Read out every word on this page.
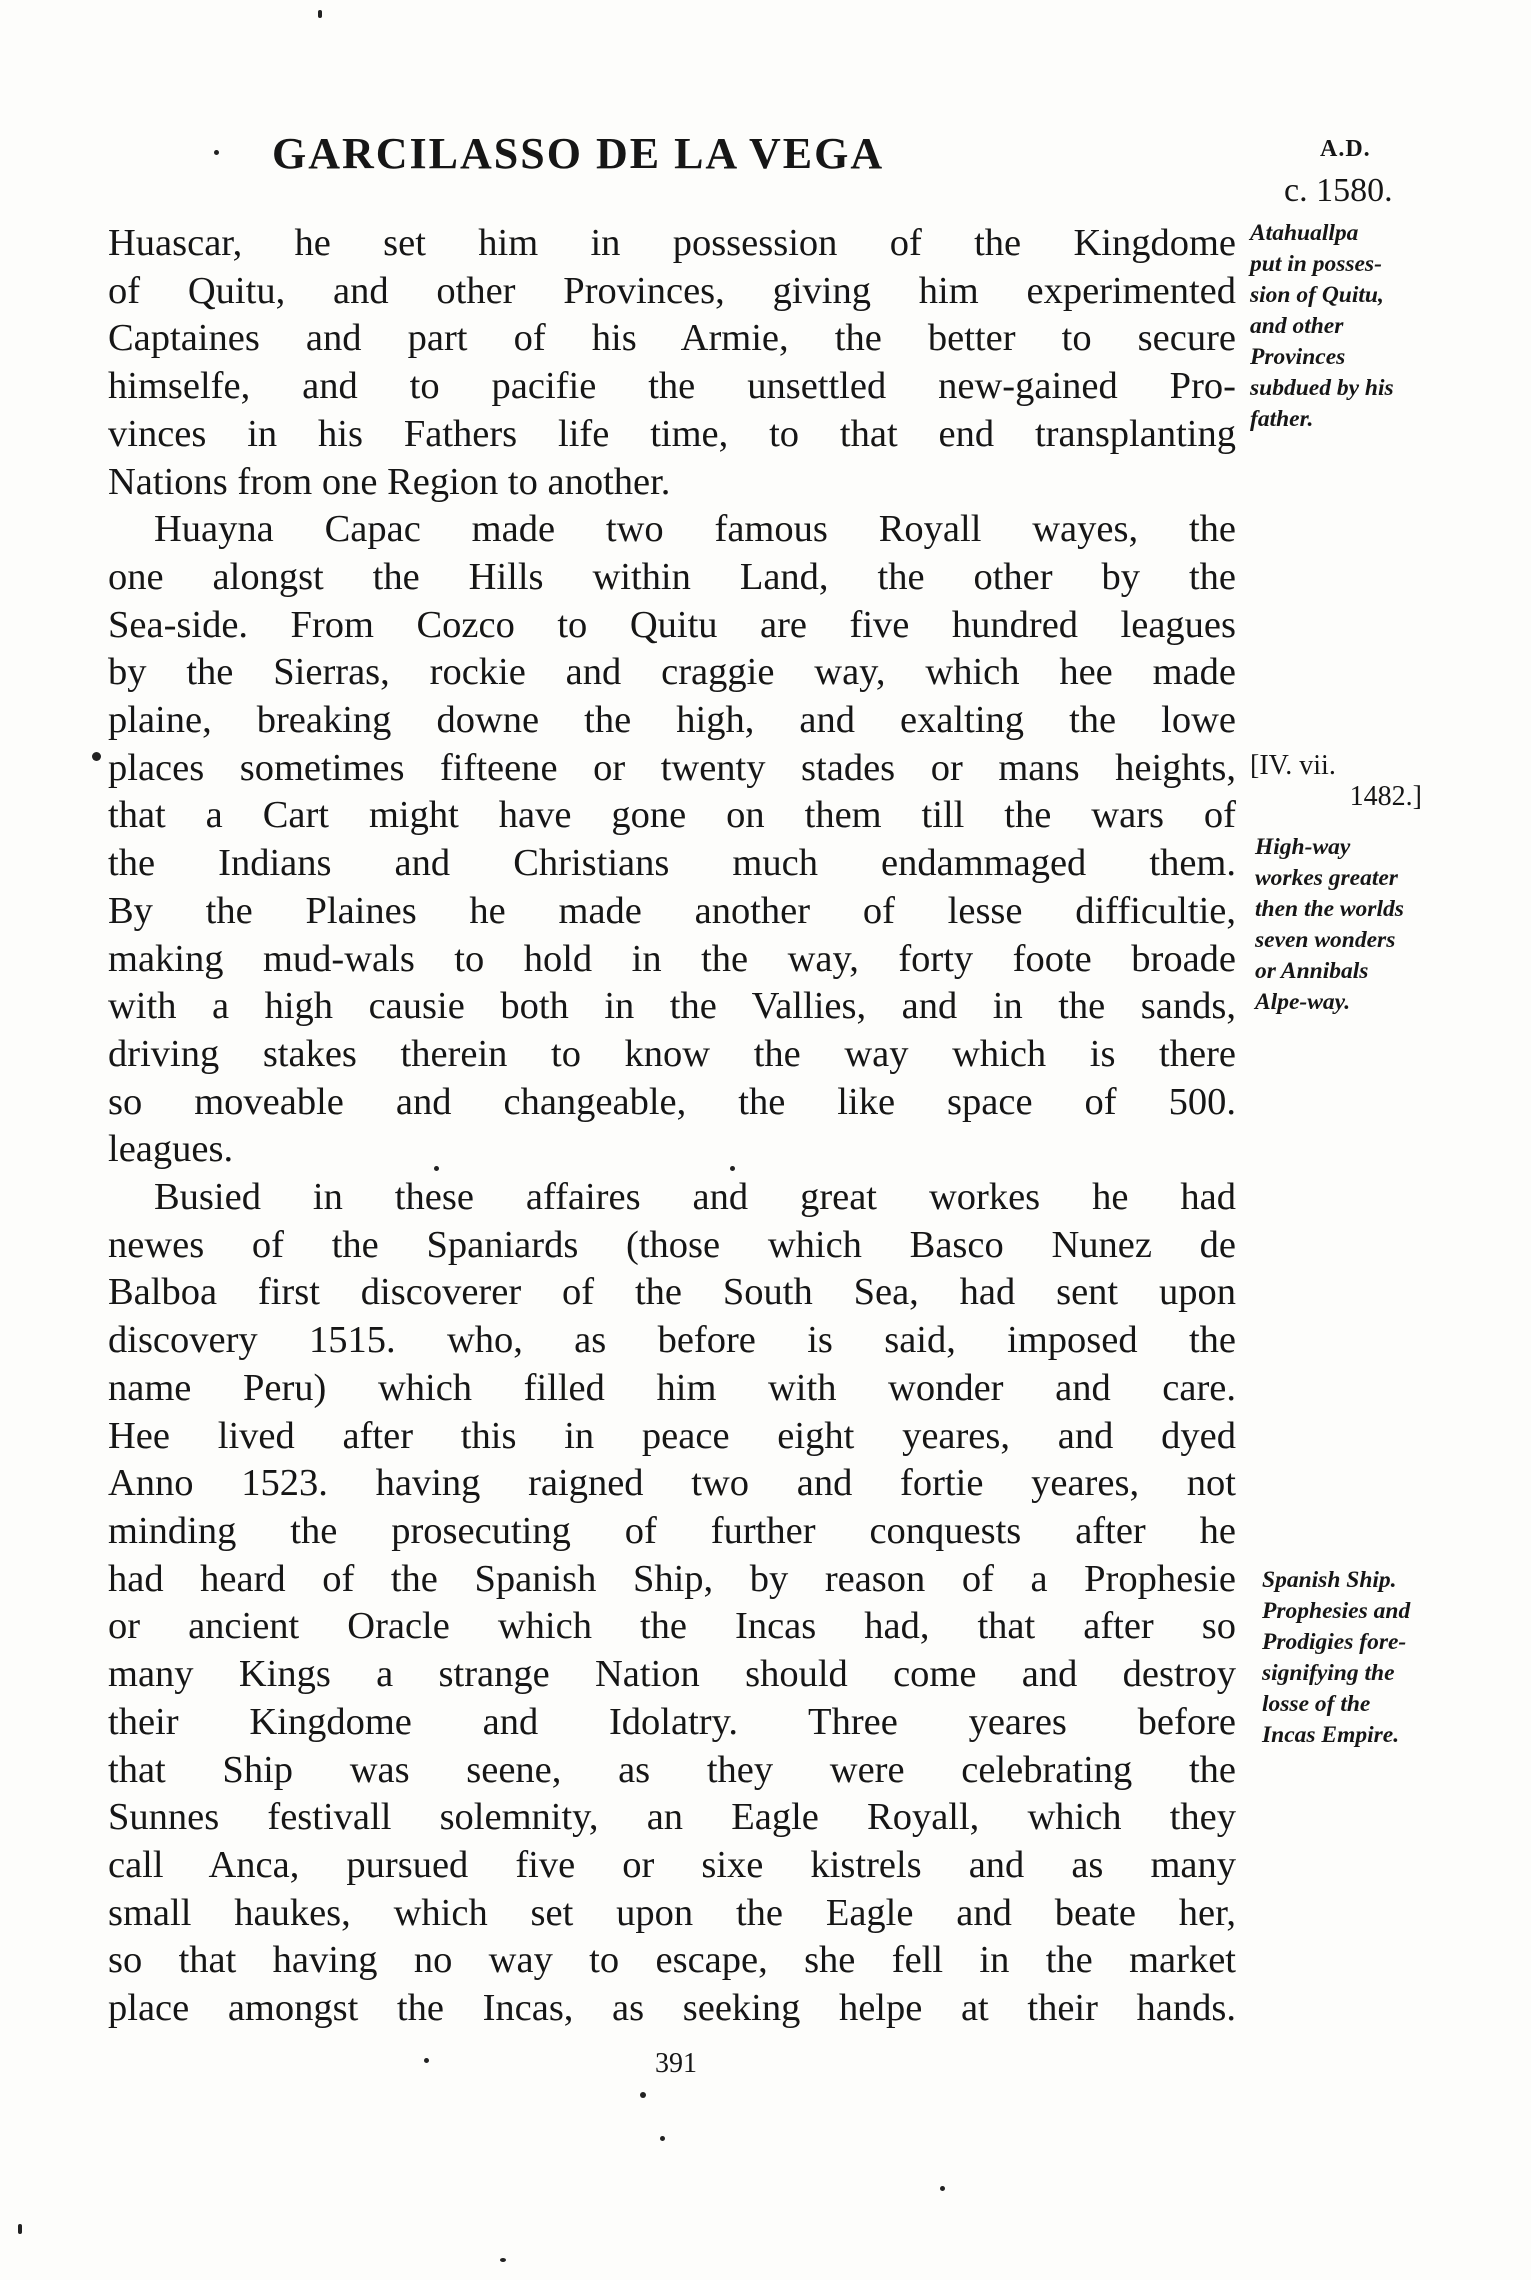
GARCILASSO DE LA VEGA	A.D.
c. 1580.
Huascar, he set him in possession of the Kingdome
of Quitu, and other Provinces, giving him experimented
Captaines and part of his Armie, the better to secure
himselfe, and to pacifie the unsettled new-gained Pro-
vinces in his Fathers life time, to that end transplanting
Nations from one Region to another.
Huayna Capac made two famous Royall wayes, the
one alongst the Hills within Land, the other by the
Sea-side. From Cozco to Quitu are five hundred leagues
by the Sierras, rockie and craggie way, which hee made
plaine, breaking downe the high, and exalting the lowe
places sometimes fifteene or twenty stades or mans heights,
that a Cart might have gone on them till the wars of
the Indians and Christians much endammaged them.
By the Plaines he made another of lesse difficultie,
making mud-wals to hold in the way, forty foote broade
with a high causie both in the Vallies, and in the sands,
driving stakes therein to know the way which is there
so moveable and changeable, the like space of 500.
leagues.
Busied in these affaires and great workes he had
newes of the Spaniards (those which Basco Nunez de
Balboa first discoverer of the South Sea, had sent upon
discovery 1515. who, as before is said, imposed the
name Peru) which filled him with wonder and care.
Hee lived after this in peace eight yeares, and dyed
Anno 1523. having raigned two and fortie yeares, not
minding the prosecuting of further conquests after he
had heard of the Spanish Ship, by reason of a Prophesie
or ancient Oracle which the Incas had, that after so
many Kings a strange Nation should come and destroy
their Kingdome and Idolatry. Three yeares before
that Ship was seene, as they were celebrating the
Sunnes festivall solemnity, an Eagle Royall, which they
call Anca, pursued five or sixe kistrels and as many
small haukes, which set upon the Eagle and beate her,
so that having no way to escape, she fell in the market
place amongst the Incas, as seeking helpe at their hands.
Atahuallpa
put in posses-
sion of Quitu,
and other
Provinces
subdued by his
father.
[IV. vii.
1482.]
High-way
workes greater
then the worlds
seven wonders
or Annibals
Alpe-way.
Spanish Ship.
Prophesies and
Prodigies fore-
signifying the
losse of the
Incas Empire.
391
